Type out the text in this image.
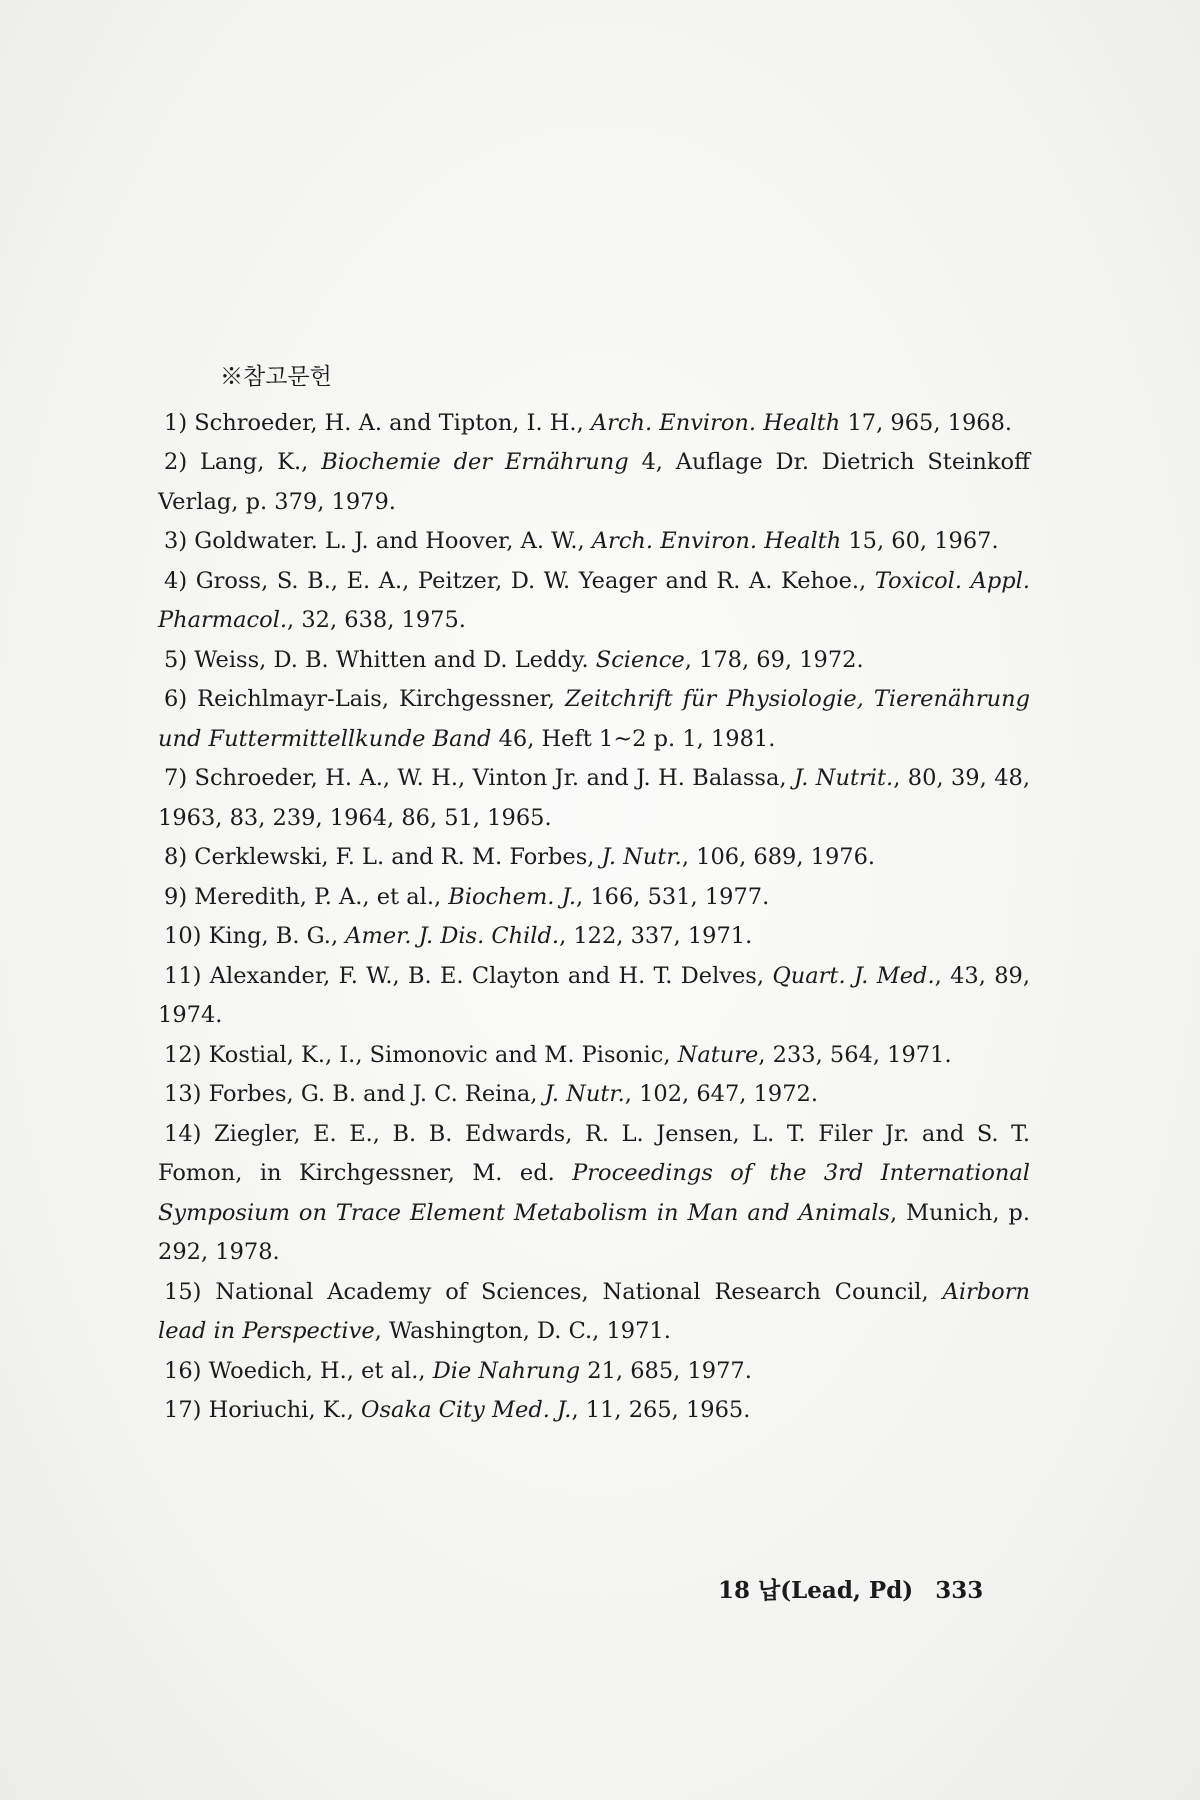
※참고문헌
1) Schroeder, H. A. and Tipton, I. H., Arch. Environ. Health 17, 965, 1968.
2) Lang, K., Biochemie der Ernährung 4, Auflage Dr. Dietrich Steinkoff Verlag, p. 379, 1979.
3) Goldwater. L. J. and Hoover, A. W., Arch. Environ. Health 15, 60, 1967.
4) Gross, S. B., E. A., Peitzer, D. W. Yeager and R. A. Kehoe., Toxicol. Appl. Pharmacol., 32, 638, 1975.
5) Weiss, D. B. Whitten and D. Leddy. Science, 178, 69, 1972.
6) Reichlmayr-Lais, Kirchgessner, Zeitchrift für Physiologie, Tierenährung und Futtermittellkunde Band 46, Heft 1~2 p. 1, 1981.
7) Schroeder, H. A., W. H., Vinton Jr. and J. H. Balassa, J. Nutrit., 80, 39, 48, 1963, 83, 239, 1964, 86, 51, 1965.
8) Cerklewski, F. L. and R. M. Forbes, J. Nutr., 106, 689, 1976.
9) Meredith, P. A., et al., Biochem. J., 166, 531, 1977.
10) King, B. G., Amer. J. Dis. Child., 122, 337, 1971.
11) Alexander, F. W., B. E. Clayton and H. T. Delves, Quart. J. Med., 43, 89, 1974.
12) Kostial, K., I., Simonovic and M. Pisonic, Nature, 233, 564, 1971.
13) Forbes, G. B. and J. C. Reina, J. Nutr., 102, 647, 1972.
14) Ziegler, E. E., B. B. Edwards, R. L. Jensen, L. T. Filer Jr. and S. T. Fomon, in Kirchgessner, M. ed. Proceedings of the 3rd International Symposium on Trace Element Metabolism in Man and Animals, Munich, p. 292, 1978.
15) National Academy of Sciences, National Research Council, Airborn lead in Perspective, Washington, D. C., 1971.
16) Woedich, H., et al., Die Nahrung 21, 685, 1977.
17) Horiuchi, K., Osaka City Med. J., 11, 265, 1965.
18 납(Lead, Pd) 333
